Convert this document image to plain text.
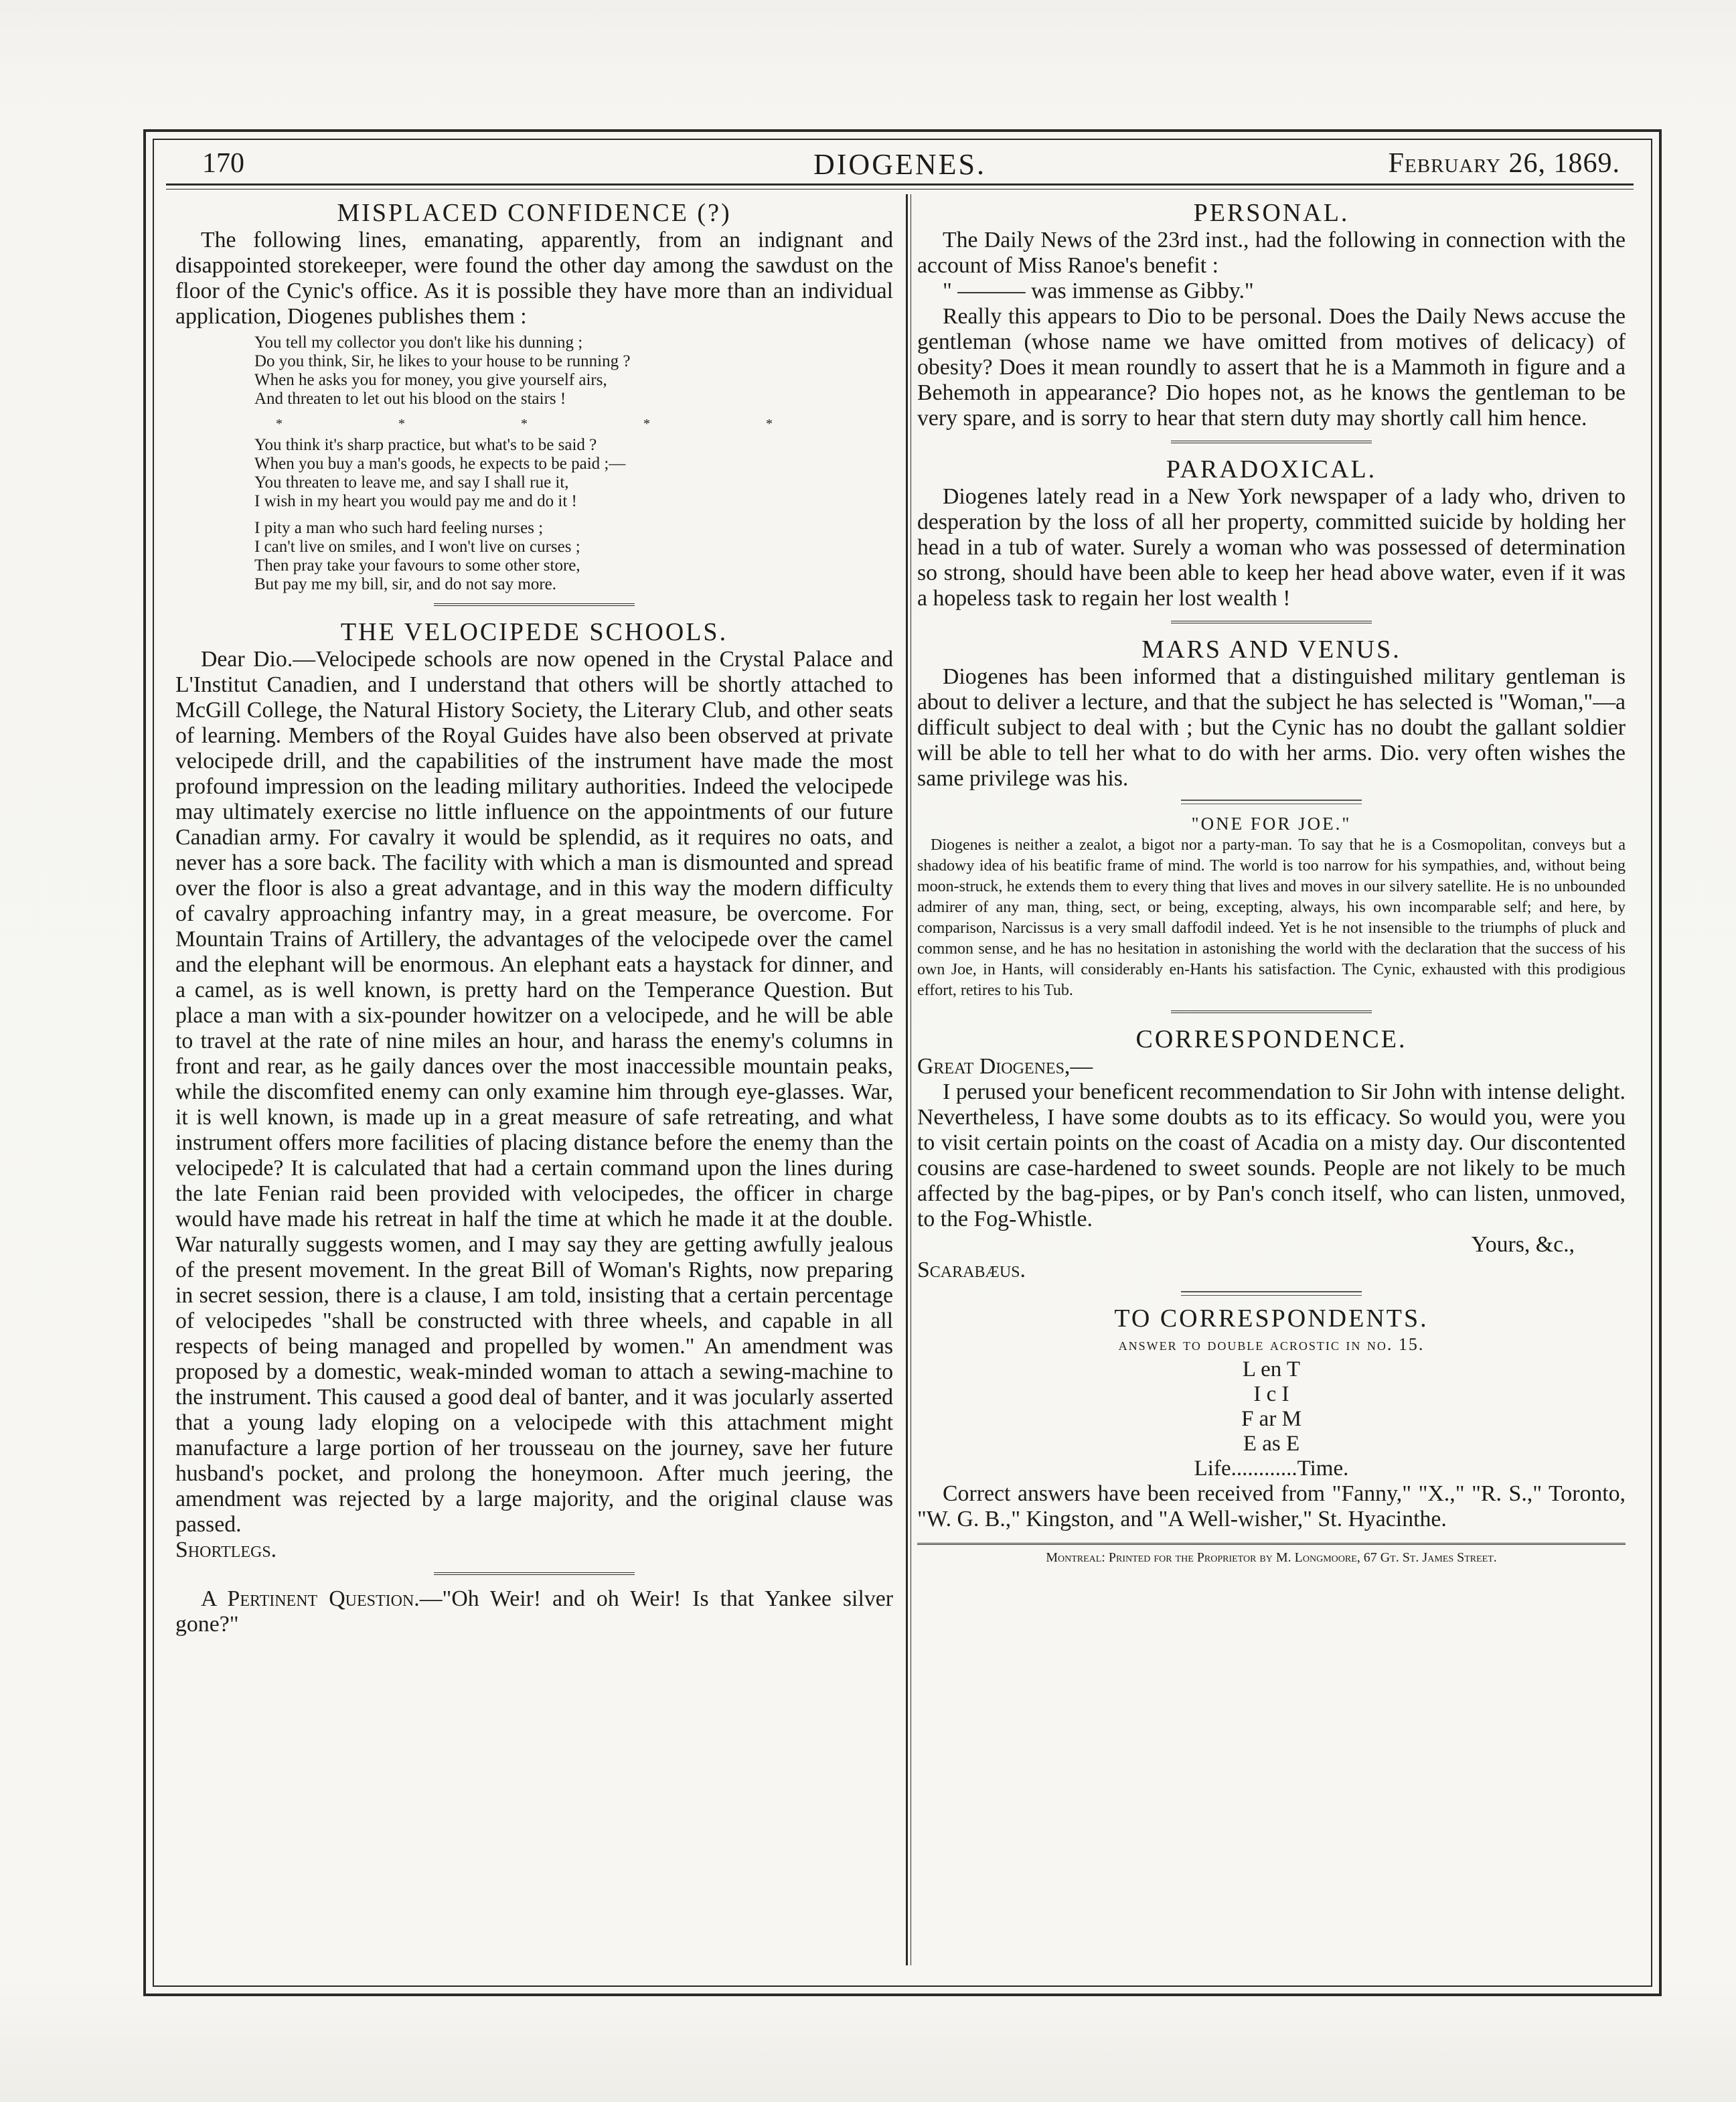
170	DIOGENES.	February 26, 1869.
MISPLACED CONFIDENCE (?)

The following lines, emanating, apparently, from an indignant and disappointed storekeeper, were found the other day among the sawdust on the floor of the Cynic's office. As it is possible they have more than an individual application, Diogenes publishes them :

You tell my collector you don't like his dunning ;
Do you think, Sir, he likes to your house to be running ?
When he asks you for money, you give yourself airs,
And threaten to let out his blood on the stairs !
* * * * *
You think it's sharp practice, but what's to be said ?
When you buy a man's goods, he expects to be paid ;—
You threaten to leave me, and say I shall rue it,
I wish in my heart you would pay me and do it !
I pity a man who such hard feeling nurses ;
I can't live on smiles, and I won't live on curses ;
Then pray take your favours to some other store,
But pay me my bill, sir, and do not say more.
THE VELOCIPEDE SCHOOLS.

Dear Dio.—Velocipede schools are now opened in the Crystal Palace and L'Institut Canadien, and I understand that others will be shortly attached to McGill College, the Natural History Society, the Literary Club, and other seats of learning. Members of the Royal Guides have also been observed at private velocipede drill, and the capabilities of the instrument have made the most profound impression on the leading military authorities. Indeed the velocipede may ultimately exercise no little influence on the appointments of our future Canadian army. For cavalry it would be splendid, as it requires no oats, and never has a sore back. The facility with which a man is dismounted and spread over the floor is also a great advantage, and in this way the modern difficulty of cavalry approaching infantry may, in a great measure, be overcome. For Mountain Trains of Artillery, the advantages of the velocipede over the camel and the elephant will be enormous. An elephant eats a haystack for dinner, and a camel, as is well known, is pretty hard on the Temperance Question. But place a man with a six-pounder howitzer on a velocipede, and he will be able to travel at the rate of nine miles an hour, and harass the enemy's columns in front and rear, as he gaily dances over the most inaccessible mountain peaks, while the discomfited enemy can only examine him through eye-glasses. War, it is well known, is made up in a great measure of safe retreating, and what instrument offers more facilities of placing distance before the enemy than the velocipede? It is calculated that had a certain command upon the lines during the late Fenian raid been provided with velocipedes, the officer in charge would have made his retreat in half the time at which he made it at the double. War naturally suggests women, and I may say they are getting awfully jealous of the present movement. In the great Bill of Woman's Rights, now preparing in secret session, there is a clause, I am told, insisting that a certain percentage of velocipedes "shall be constructed with three wheels, and capable in all respects of being managed and propelled by women." An amendment was proposed by a domestic, weak-minded woman to attach a sewing-machine to the instrument. This caused a good deal of banter, and it was jocularly asserted that a young lady eloping on a velocipede with this attachment might manufacture a large portion of her trousseau on the journey, save her future husband's pocket, and prolong the honeymoon. After much jeering, the amendment was rejected by a large majority, and the original clause was passed.

Shortlegs.

A Pertinent Question.—"Oh Weir! and oh Weir! Is that Yankee silver gone?"

PERSONAL.

The Daily News of the 23rd inst., had the following in connection with the account of Miss Ranoe's benefit :

" ——— was immense as Gibby."

Really this appears to Dio to be personal. Does the Daily News accuse the gentleman (whose name we have omitted from motives of delicacy) of obesity? Does it mean roundly to assert that he is a Mammoth in figure and a Behemoth in appearance? Dio hopes not, as he knows the gentleman to be very spare, and is sorry to hear that stern duty may shortly call him hence.

PARADOXICAL.

Diogenes lately read in a New York newspaper of a lady who, driven to desperation by the loss of all her property, committed suicide by holding her head in a tub of water. Surely a woman who was possessed of determination so strong, should have been able to keep her head above water, even if it was a hopeless task to regain her lost wealth !

MARS AND VENUS.

Diogenes has been informed that a distinguished military gentleman is about to deliver a lecture, and that the subject he has selected is "Woman,"—a difficult subject to deal with ; but the Cynic has no doubt the gallant soldier will be able to tell her what to do with her arms. Dio. very often wishes the same privilege was his.

"ONE FOR JOE."

Diogenes is neither a zealot, a bigot nor a party-man. To say that he is a Cosmopolitan, conveys but a shadowy idea of his beatific frame of mind. The world is too narrow for his sympathies, and, without being moon-struck, he extends them to every thing that lives and moves in our silvery satellite. He is no unbounded admirer of any man, thing, sect, or being, excepting, always, his own incomparable self; and here, by comparison, Narcissus is a very small daffodil indeed. Yet is he not insensible to the triumphs of pluck and common sense, and he has no hesitation in astonishing the world with the declaration that the success of his own Joe, in Hants, will considerably en-Hants his satisfaction. The Cynic, exhausted with this prodigious effort, retires to his Tub.

CORRESPONDENCE.

Great Diogenes,—

I perused your beneficent recommendation to Sir John with intense delight. Nevertheless, I have some doubts as to its efficacy. So would you, were you to visit certain points on the coast of Acadia on a misty day. Our discontented cousins are case-hardened to sweet sounds. People are not likely to be much affected by the bag-pipes, or by Pan's conch itself, who can listen, unmoved, to the Fog-Whistle.

Yours, &c.,

Scarabæus.

TO CORRESPONDENTS.
answer to double acrostic in no. 15.
L en T
I c I
F ar M
E as E
Life............Time.

Correct answers have been received from "Fanny," "X.," "R. S.," Toronto, "W. G. B.," Kingston, and "A Well-wisher," St. Hyacinthe.

Montreal: Printed for the Proprietor by M. Longmoore, 67 Gt. St. James Street.
